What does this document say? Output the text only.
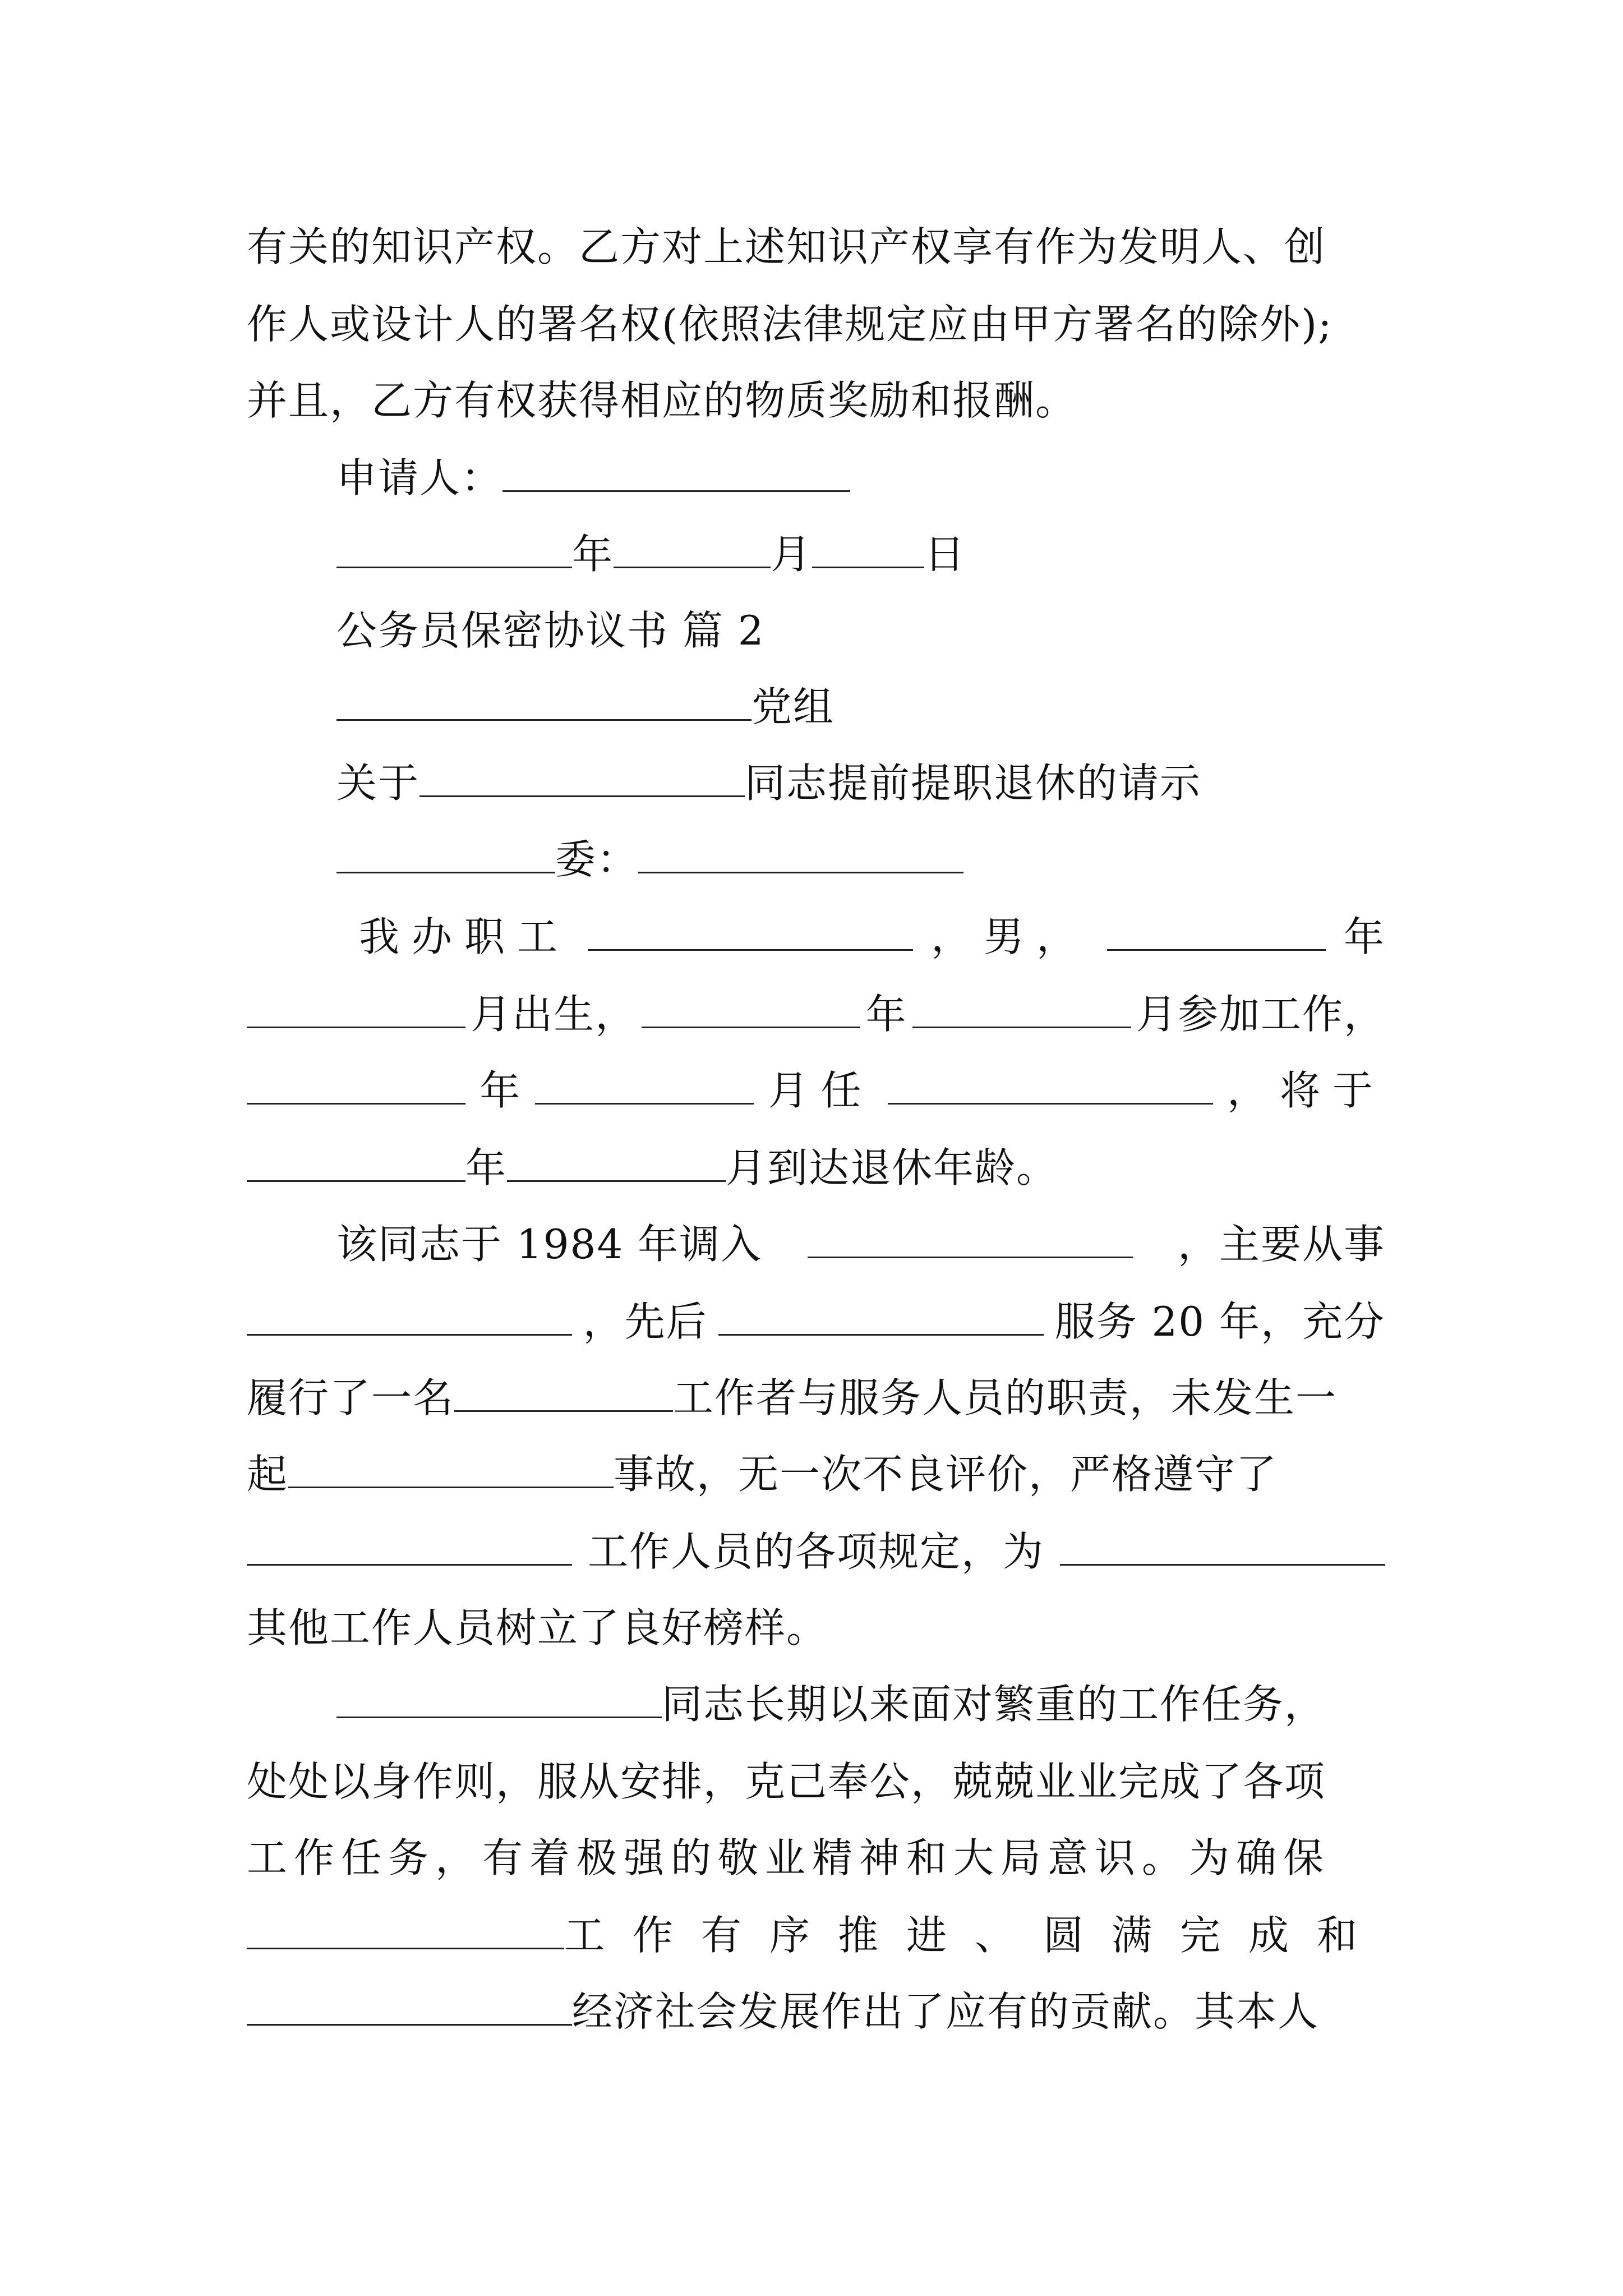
有关的知识产权。乙方对上述知识产权享有作为发明人、创
作人或设计人的署名权(依照法律规定应由甲方署名的除外);
并且，乙方有权获得相应的物质奖励和报酬。
申请人：
年	月	日
公务员保密协议书 篇 2
党组
关于	同志提前提职退休的请示
委：
我办职工	，男，	年
月出生，	年	月参加工作，
年	月任	，将于
年	月到达退休年龄。
该同志于 1984 年调入	，主要从事
，先后	服务 20 年，充分
履行了一名	工作者与服务人员的职责，未发生一
起	事故，无一次不良评价，严格遵守了
工作人员的各项规定，为
其他工作人员树立了良好榜样。
同志长期以来面对繁重的工作任务，
处处以身作则，服从安排，克己奉公，兢兢业业完成了各项
工作任务，有着极强的敬业精神和大局意识。为确保
工作有序推进、圆满完成和
经济社会发展作出了应有的贡献。其本人
